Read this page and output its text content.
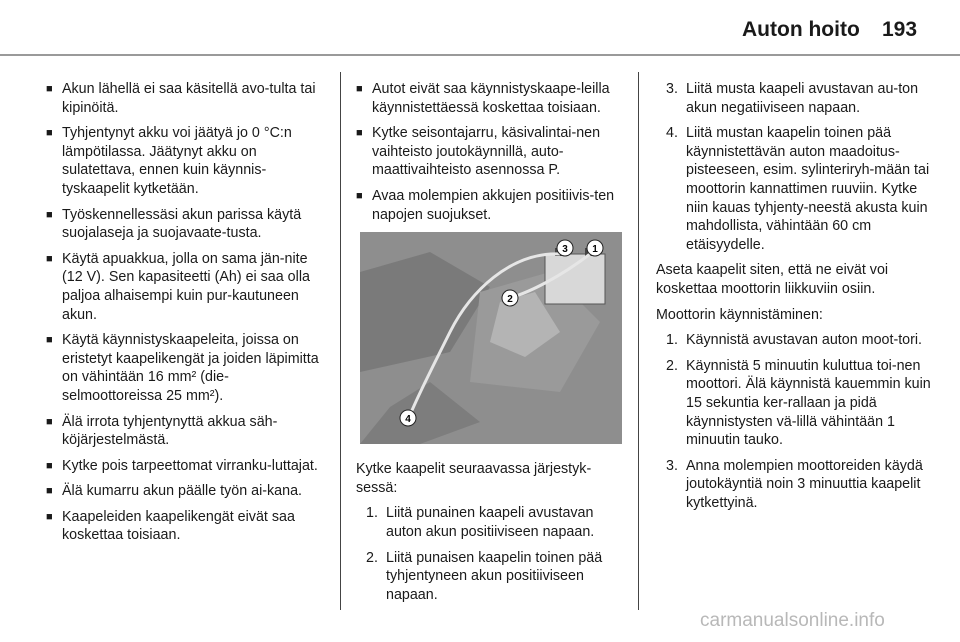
Auton hoito 193
■ Akun lähellä ei saa käsitellä avo-tulta tai kipinöitä.
■ Tyhjentynyt akku voi jäätyä jo 0 °C:n lämpötilassa. Jäätynyt akku on sulatettava, ennen kuin käynnis-tyskaapelit kytketään.
■ Työskennellessäsi akun parissa käytä suojalaseja ja suojavaate-tusta.
■ Käytä apuakkua, jolla on sama jän-nite (12 V). Sen kapasiteetti (Ah) ei saa olla paljoa alhaisempi kuin pur-kautuneen akun.
■ Käytä käynnistyskaapeleita, joissa on eristetyt kaapelikengät ja joiden läpimitta on vähintään 16 mm² (die-selmoottoreissa 25 mm²).
■ Älä irrota tyhjentynyttä akkua säh-köjärjestelmästä.
■ Kytke pois tarpeettomat virranku-luttajat.
■ Älä kumarru akun päälle työn ai-kana.
■ Kaapeleiden kaapelikengät eivät saa koskettaa toisiaan.
■ Autot eivät saa käynnistyskaape-leilla käynnistettäessä koskettaa toisiaan.
■ Kytke seisontajarru, käsivalintai-nen vaihteisto joutokäynnillä, auto-maattivaihteisto asennossa P.
■ Avaa molempien akkujen positiivis-ten napojen suojukset.
3 1
2
4
Kytke kaapelit seuraavassa järjestyk-sessä:
1. Liitä punainen kaapeli avustavan auton akun positiiviseen napaan.
2. Liitä punaisen kaapelin toinen pää tyhjentyneen akun positiiviseen napaan.
3. Liitä musta kaapeli avustavan au-ton akun negatiiviseen napaan.
4. Liitä mustan kaapelin toinen pää käynnistettävän auton maadoitus-pisteeseen, esim. sylinteriryh-mään tai moottorin kannattimen ruuviin. Kytke niin kauas tyhjenty-neestä akusta kuin mahdollista, vähintään 60 cm etäisyydelle.
Aseta kaapelit siten, että ne eivät voi koskettaa moottorin liikkuviin osiin.
Moottorin käynnistäminen:
1. Käynnistä avustavan auton moot-tori.
2. Käynnistä 5 minuutin kuluttua toi-nen moottori. Älä käynnistä kauemmin kuin 15 sekuntia ker-rallaan ja pidä käynnistysten vä-lillä vähintään 1 minuutin tauko.
3. Anna molempien moottoreiden käydä joutokäyntiä noin 3 minuuttia kaapelit kytkettyinä.
carmanualsonline.info
